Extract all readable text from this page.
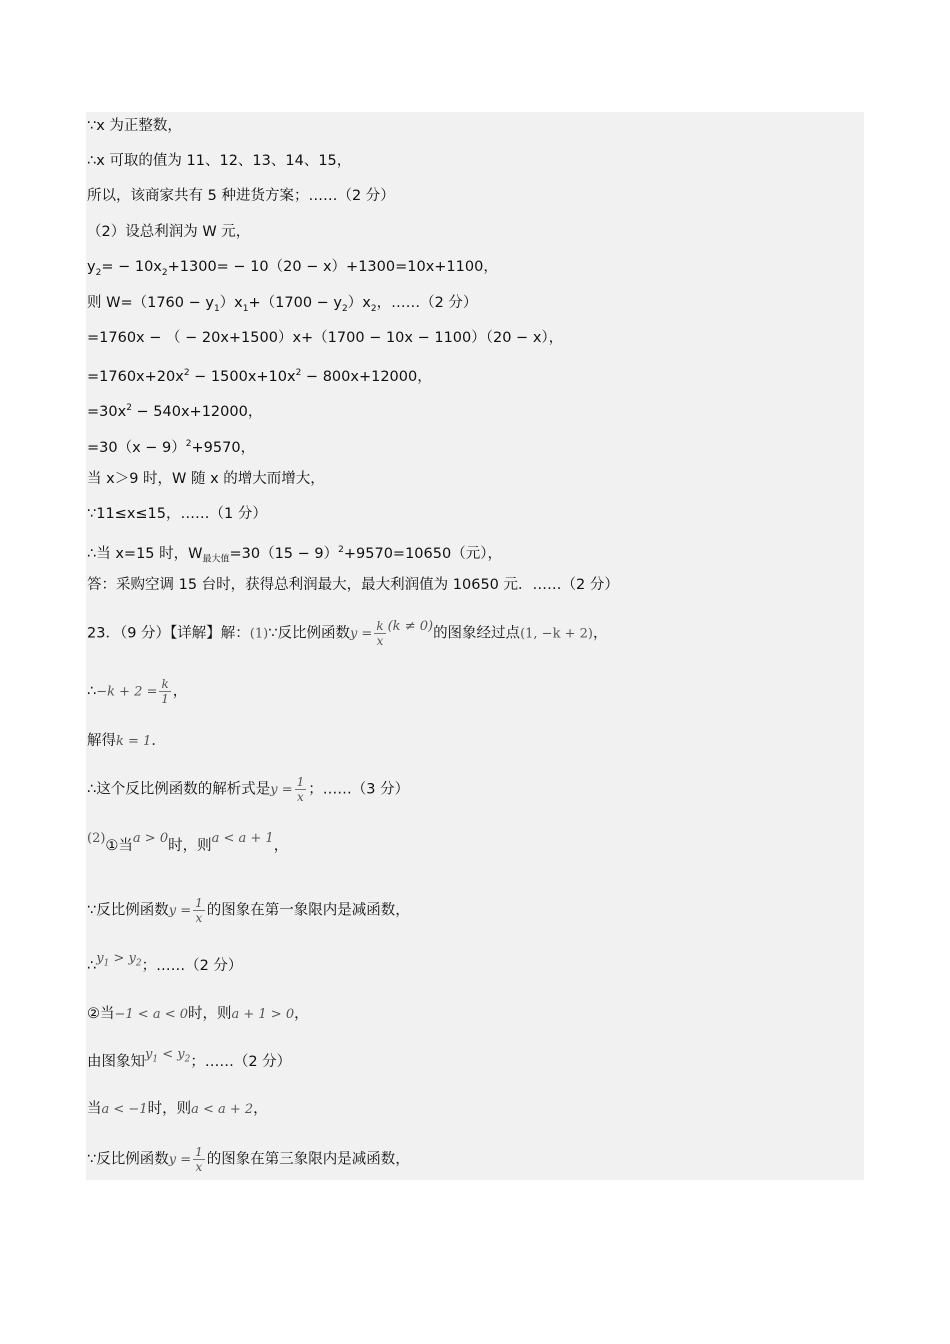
∵x 为正整数，
∴x 可取的值为 11、12、13、14、15，
所以，该商家共有 5 种进货方案；……（2 分）
（2）设总利润为 W 元，
$y_2= - 10x_2+1300= - 10(20 - x)+1300=10x+1100$，
则 $W=(1760 - y_1)x_1+(1700 - y_2)x_2$，……（2 分）
=1760x − （ − 20x+1500）x+（1700 − 10x − 1100）（20 − x），
$=1760x+20x^2 - 1500x+10x^2 - 800x+12000$，
$=30x^2 - 540x+12000$，
$=30(x - 9)^2+9570$，
当 x＞9 时，W 随 x 的增大而增大，
∵11≤x≤15，……（1 分）
∴当 x=15 时，$W_{最大值}=30(15 - 9)^2+9570=10650$（元），
答：采购空调 15 台时，获得总利润最大，最大利润值为 10650 元．……（2 分）
23．（9 分）【详解】解：(1)∵反比例函数$y = \frac{k}{x} (k \ne 0)$的图象经过点(1, −k + 2)，
∴−k + $2 = \frac{k}{1}$ ，
解得k = 1．
∴这个反比例函数的解析式是$y = \frac{1}{x}$ ；……（3 分）
(2)①当a > 0时，则a < a + 1，
∵反比例函数$y = \frac{1}{x}$ 的图象在第一象限内是减函数，
$\therefore y_1 > y_2$；……（2 分）
②当−1 < a < 0时，则a + 1 > 0，
由图象知$y_1 < y_2$；……（2 分）
当a < −1时，则a < a + 2，
∵反比例函数$y = \frac{1}{x}$ 的图象在第三象限内是减函数，
